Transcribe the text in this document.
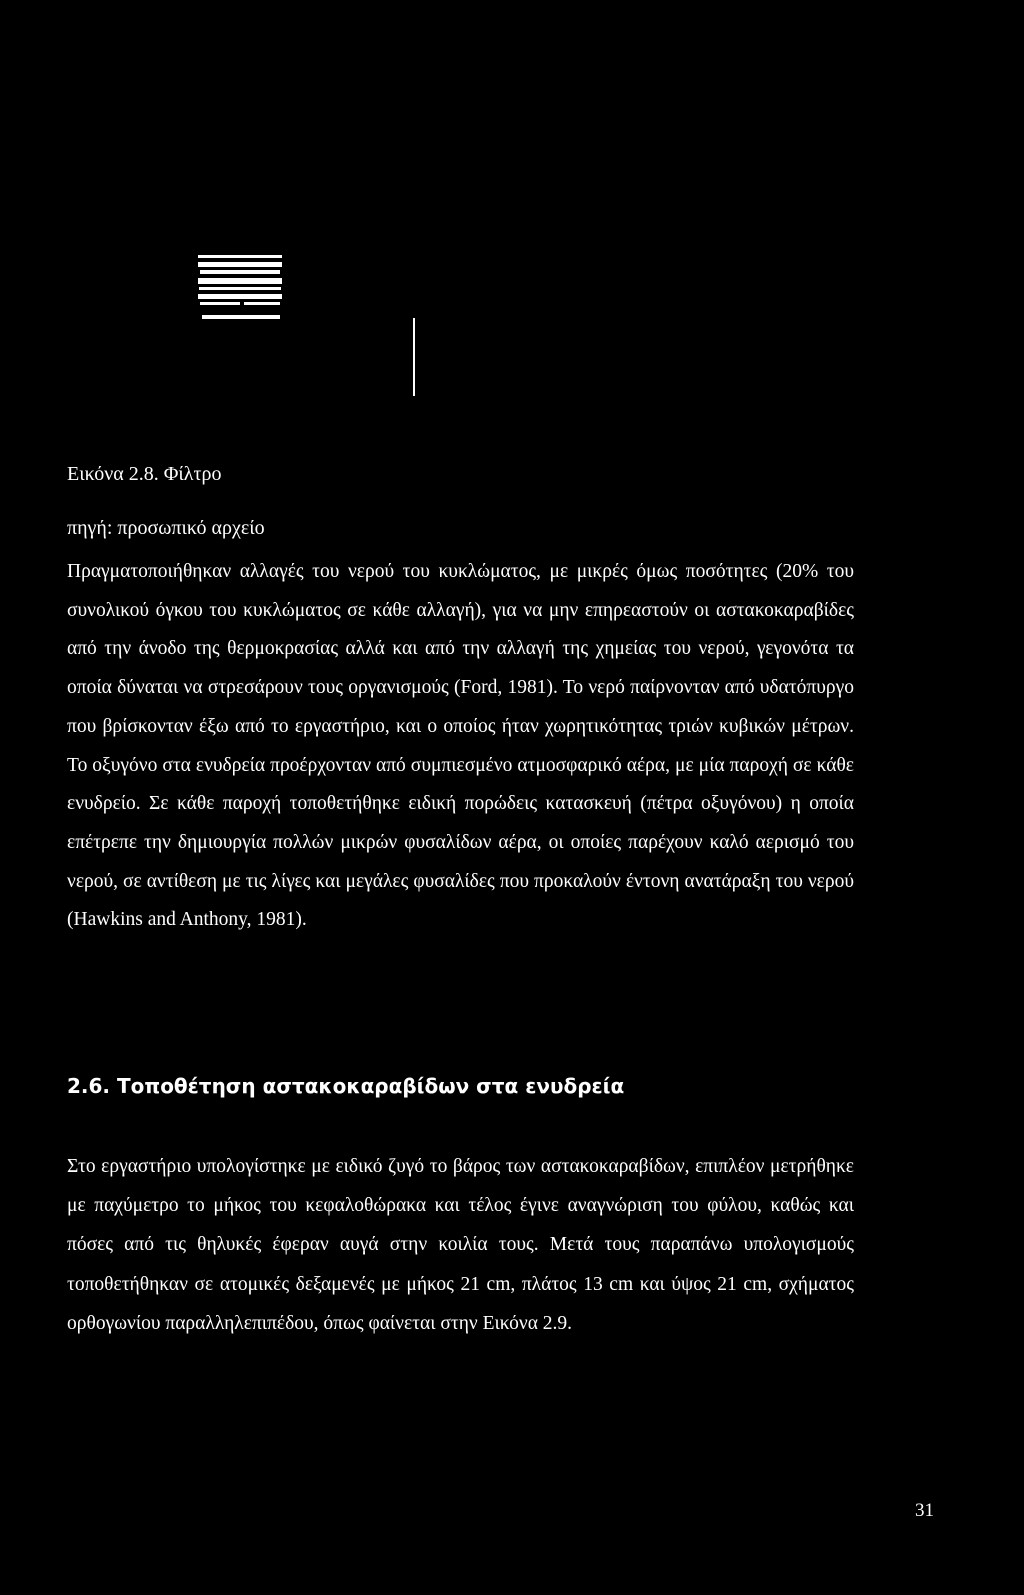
Εικόνα 2.8. Φίλτρο
πηγή: προσωπικό αρχείο
Πραγματοποιήθηκαν αλλαγές του νερού του κυκλώματος, με μικρές όμως ποσότητες (20% του συνολικού όγκου του κυκλώματος σε κάθε αλλαγή), για να μην επηρεαστούν οι αστακοκαραβίδες από την άνοδο της θερμοκρασίας αλλά και από την αλλαγή της χημείας του νερού, γεγονότα τα οποία δύναται να στρεσάρουν τους οργανισμούς (Ford, 1981). Το νερό παίρνονταν από υδατόπυργο που βρίσκονταν έξω από το εργαστήριο, και ο οποίος ήταν χωρητικότητας τριών κυβικών μέτρων. Το οξυγόνο στα ενυδρεία προέρχονταν από συμπιεσμένο ατμοσφαρικό αέρα, με μία παροχή σε κάθε ενυδρείο. Σε κάθε παροχή τοποθετήθηκε ειδική πορώδεις κατασκευή (πέτρα οξυγόνου) η οποία επέτρεπε την δημιουργία πολλών μικρών φυσαλίδων αέρα, οι οποίες παρέχουν καλό αερισμό του νερού, σε αντίθεση με τις λίγες και μεγάλες φυσαλίδες που προκαλούν έντονη ανατάραξη του νερού (Hawkins and Anthony, 1981).
2.6. Τοποθέτηση αστακοκαραβίδων στα ενυδρεία
Στο εργαστήριο υπολογίστηκε με ειδικό ζυγό το βάρος των αστακοκαραβίδων, επιπλέον μετρήθηκε με παχύμετρο το μήκος του κεφαλοθώρακα και τέλος έγινε αναγνώριση του φύλου, καθώς και πόσες από τις θηλυκές έφεραν αυγά στην κοιλία τους. Μετά τους παραπάνω υπολογισμούς τοποθετήθηκαν σε ατομικές δεξαμενές με μήκος 21 cm, πλάτος 13 cm και ύψος 21 cm, σχήματος ορθογωνίου παραλληλεπιπέδου, όπως φαίνεται στην Εικόνα 2.9.
31
